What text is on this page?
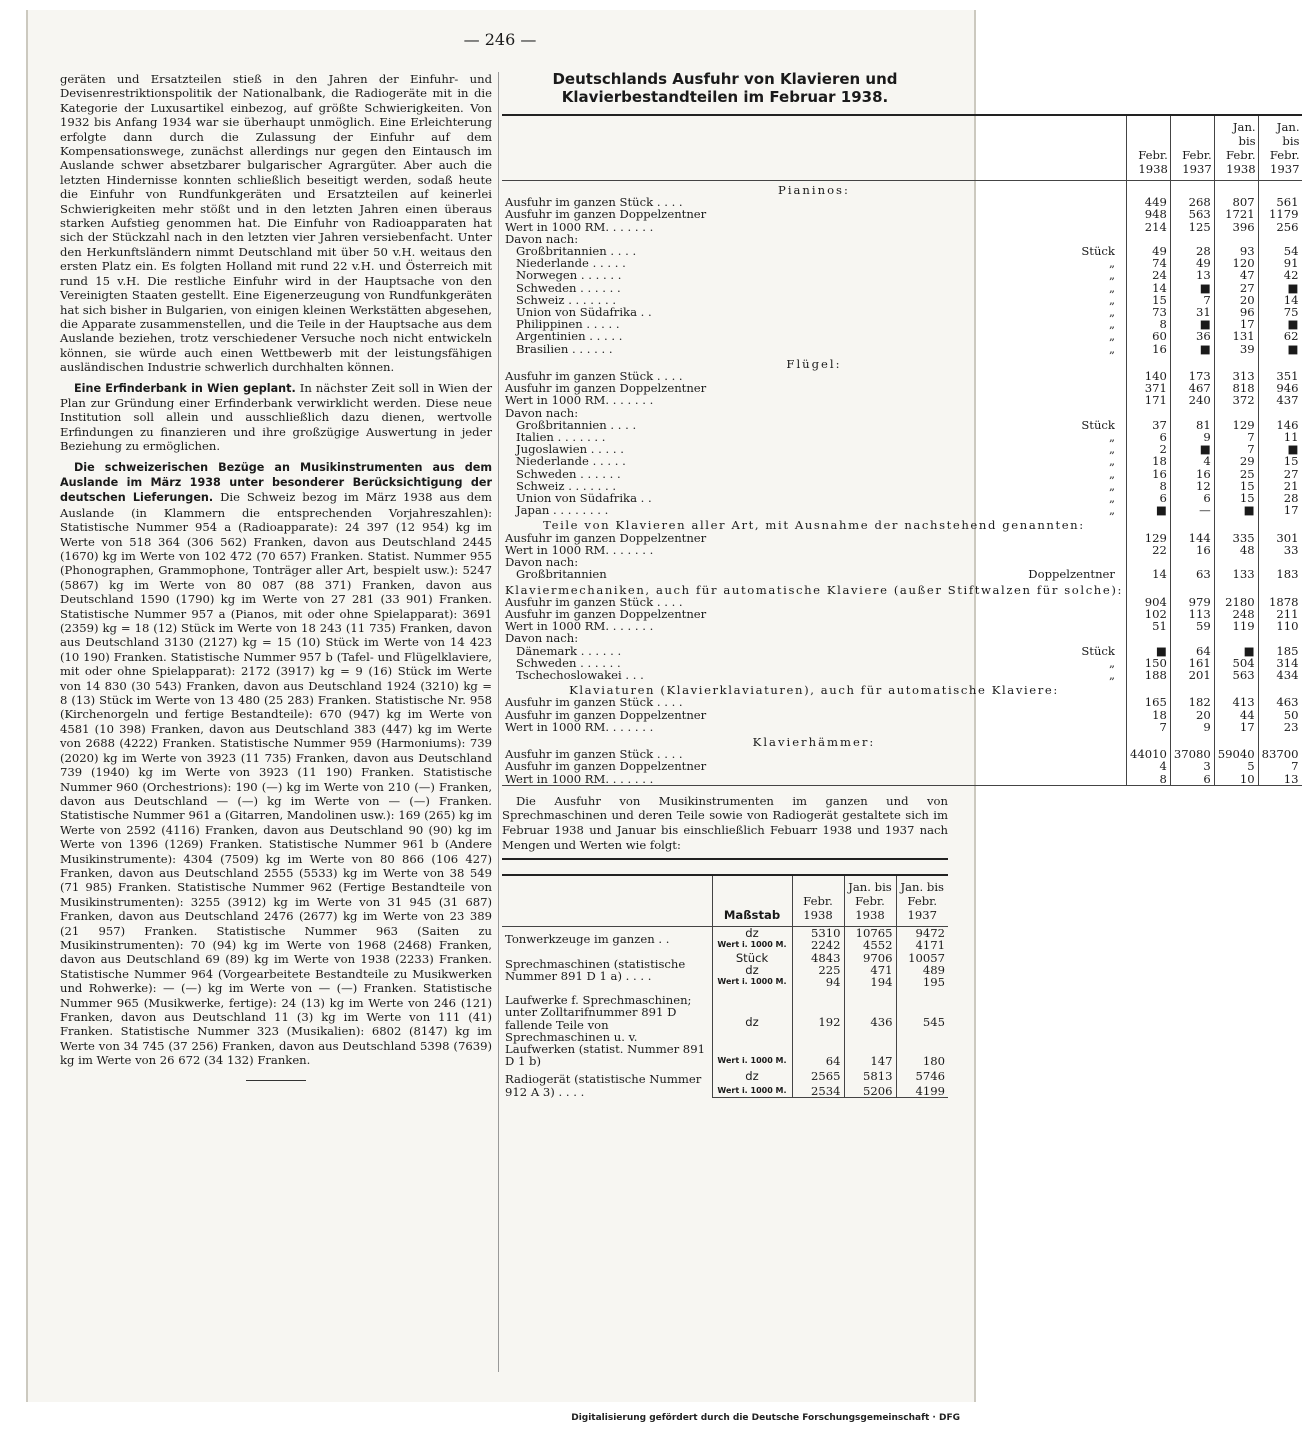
— 246 —

geräten und Ersatzteilen stieß in den Jahren der Einfuhr- und Devisenrestriktionspolitik der Nationalbank, die Radiogeräte mit in die Kategorie der Luxusartikel einbezog, auf größte Schwierigkeiten. Von 1932 bis Anfang 1934 war sie überhaupt unmöglich. Eine Erleichterung erfolgte dann durch die Zulassung der Einfuhr auf dem Kompensationswege, zunächst allerdings nur gegen den Eintausch im Auslande schwer absetzbarer bulgarischer Agrargüter. Aber auch die letzten Hindernisse konnten schließlich beseitigt werden, sodaß heute die Einfuhr von Rundfunkgeräten und Ersatzteilen auf keinerlei Schwierigkeiten mehr stößt und in den letzten Jahren einen überaus starken Aufstieg genommen hat. Die Einfuhr von Radioapparaten hat sich der Stückzahl nach in den letzten vier Jahren versiebenfacht. Unter den Herkunftsländern nimmt Deutschland mit über 50 v.H. weitaus den ersten Platz ein. Es folgten Holland mit rund 22 v.H. und Österreich mit rund 15 v.H. Die restliche Einfuhr wird in der Hauptsache von den Vereinigten Staaten gestellt. Eine Eigenerzeugung von Rundfunkgeräten hat sich bisher in Bulgarien, von einigen kleinen Werkstätten abgesehen, die Apparate zusammenstellen, und die Teile in der Hauptsache aus dem Auslande beziehen, trotz verschiedener Versuche noch nicht entwickeln können, sie würde auch einen Wettbewerb mit der leistungsfähigen ausländischen Industrie schwerlich durchhalten können.

Eine Erfinderbank in Wien geplant. In nächster Zeit soll in Wien der Plan zur Gründung einer Erfinderbank verwirklicht werden. Diese neue Institution soll allein und ausschließlich dazu dienen, wertvolle Erfindungen zu finanzieren und ihre großzügige Auswertung in jeder Beziehung zu ermöglichen.

Die schweizerischen Bezüge an Musikinstrumenten aus dem Auslande im März 1938 unter besonderer Berücksichtigung der deutschen Lieferungen. Die Schweiz bezog im März 1938 aus dem Auslande (in Klammern die entsprechenden Vorjahreszahlen): Statistische Nummer 954 a (Radioapparate): 24 397 (12 954) kg im Werte von 518 364 (306 562) Franken, davon aus Deutschland 2445 (1670) kg im Werte von 102 472 (70 657) Franken. Statist. Nummer 955 (Phonographen, Grammophone, Tonträger aller Art, bespielt usw.): 5247 (5867) kg im Werte von 80 087 (88 371) Franken, davon aus Deutschland 1590 (1790) kg im Werte von 27 281 (33 901) Franken. Statistische Nummer 957 a (Pianos, mit oder ohne Spielapparat): 3691 (2359) kg = 18 (12) Stück im Werte von 18 243 (11 735) Franken, davon aus Deutschland 3130 (2127) kg = 15 (10) Stück im Werte von 14 423 (10 190) Franken. Statistische Nummer 957 b (Tafel- und Flügelklaviere, mit oder ohne Spielapparat): 2172 (3917) kg = 9 (16) Stück im Werte von 14 830 (30 543) Franken, davon aus Deutschland 1924 (3210) kg = 8 (13) Stück im Werte von 13 480 (25 283) Franken. Statistische Nr. 958 (Kirchenorgeln und fertige Bestandteile): 670 (947) kg im Werte von 4581 (10 398) Franken, davon aus Deutschland 383 (447) kg im Werte von 2688 (4222) Franken. Statistische Nummer 959 (Harmoniums): 739 (2020) kg im Werte von 3923 (11 735) Franken, davon aus Deutschland 739 (1940) kg im Werte von 3923 (11 190) Franken. Statistische Nummer 960 (Orchestrions): 190 (—) kg im Werte von 210 (—) Franken, davon aus Deutschland — (—) kg im Werte von — (—) Franken. Statistische Nummer 961 a (Gitarren, Mandolinen usw.): 169 (265) kg im Werte von 2592 (4116) Franken, davon aus Deutschland 90 (90) kg im Werte von 1396 (1269) Franken. Statistische Nummer 961 b (Andere Musikinstrumente): 4304 (7509) kg im Werte von 80 866 (106 427) Franken, davon aus Deutschland 2555 (5533) kg im Werte von 38 549 (71 985) Franken. Statistische Nummer 962 (Fertige Bestandteile von Musikinstrumenten): 3255 (3912) kg im Werte von 31 945 (31 687) Franken, davon aus Deutschland 2476 (2677) kg im Werte von 23 389 (21 957) Franken. Statistische Nummer 963 (Saiten zu Musikinstrumenten): 70 (94) kg im Werte von 1968 (2468) Franken, davon aus Deutschland 69 (89) kg im Werte von 1938 (2233) Franken. Statistische Nummer 964 (Vorgearbeitete Bestandteile zu Musikwerken und Rohwerke): — (—) kg im Werte von — (—) Franken. Statistische Nummer 965 (Musikwerke, fertige): 24 (13) kg im Werte von 246 (121) Franken, davon aus Deutschland 11 (3) kg im Werte von 111 (41) Franken. Statistische Nummer 323 (Musikalien): 6802 (8147) kg im Werte von 34 745 (37 256) Franken, davon aus Deutschland 5398 (7639) kg im Werte von 26 672 (34 132) Franken.

Deutschlands Ausfuhr von Klavieren und Klavierbestandteilen im Februar 1938.
	Febr. 1938	Febr. 1937	Jan. bis Febr. 1938	Jan. bis Febr. 1937
Pianinos:				
Ausfuhr im ganzen Stück . . . .	449	268	807	561
Ausfuhr im ganzen Doppelzentner	948	563	1721	1179
Wert in 1000 RM. . . . . . .	214	125	396	256
Davon nach:				
Großbritannien . . . . Stück	49	28	93	54
Niederlande . . . . . „	74	49	120	91
Norwegen . . . . . . „	24	13	47	42
Schweden . . . . . . „	14	■	27	■
Schweiz . . . . . . . „	15	7	20	14
Union von Südafrika . . „	73	31	96	75
Philippinen . . . . . „	8	■	17	■
Argentinien . . . . . „	60	36	131	62
Brasilien . . . . . . „	16	■	39	■
Flügel:				
Ausfuhr im ganzen Stück . . . .	140	173	313	351
Ausfuhr im ganzen Doppelzentner	371	467	818	946
Wert in 1000 RM. . . . . . .	171	240	372	437
Davon nach:				
Großbritannien . . . . Stück	37	81	129	146
Italien . . . . . . . „	6	9	7	11
Jugoslawien . . . . . „	2	■	7	■
Niederlande . . . . . „	18	4	29	15
Schweden . . . . . . „	16	16	25	27
Schweiz . . . . . . . „	8	12	15	21
Union von Südafrika . . „	6	6	15	28
Japan . . . . . . . . „	■	—	■	17
Teile von Klavieren aller Art, mit Ausnahme der nachstehend genannten:				
Ausfuhr im ganzen Doppelzentner	129	144	335	301
Wert in 1000 RM. . . . . . .	22	16	48	33
Davon nach:				
Großbritannien Doppelzentner	14	63	133	183
Klaviermechaniken, auch für automatische Klaviere (außer Stiftwalzen für solche):				
Ausfuhr im ganzen Stück . . . .	904	979	2180	1878
Ausfuhr im ganzen Doppelzentner	102	113	248	211
Wert in 1000 RM. . . . . . .	51	59	119	110
Davon nach:				
Dänemark . . . . . . Stück	■	64	■	185
Schweden . . . . . . „	150	161	504	314
Tschechoslowakei . . . „	188	201	563	434
Klaviaturen (Klavierklaviaturen), auch für automatische Klaviere:				
Ausfuhr im ganzen Stück . . . .	165	182	413	463
Ausfuhr im ganzen Doppelzentner	18	20	44	50
Wert in 1000 RM. . . . . . .	7	9	17	23
Klavierhämmer:				
Ausfuhr im ganzen Stück . . . .	44010	37080	59040	83700
Ausfuhr im ganzen Doppelzentner	4	3	5	7
Wert in 1000 RM. . . . . . .	8	6	10	13
Die Ausfuhr von Musikinstrumenten im ganzen und von Sprechmaschinen und deren Teile sowie von Radiogerät gestaltete sich im Februar 1938 und Januar bis einschließlich Febuarr 1938 und 1937 nach Mengen und Werten wie folgt:
	Maßstab	Febr. 1938	Jan. bis Febr. 1938	Jan. bis Febr. 1937
Tonwerkzeuge im ganzen . .	dz	5310	10765	9472
	Wert i. 1000 M.	2242	4552	4171
Sprechmaschinen (statistische Nummer 891 D 1 a) . . . .	Stück	4843	9706	10057
	dz	225	471	489
	Wert i. 1000 M.	94	194	195
Laufwerke f. Sprechmaschinen; unter Zolltarifnummer 891 D fallende Teile von Sprechmaschinen u. v. Laufwerken (statist. Nummer 891 D 1 b)	dz	192	436	545
	Wert i. 1000 M.	64	147	180
Radiogerät (statistische Nummer 912 A 3) . . . .	dz	2565	5813	5746
	Wert i. 1000 M.	2534	5206	4199
Digitalisierung gefördert durch die Deutsche Forschungsgemeinschaft · DFG
